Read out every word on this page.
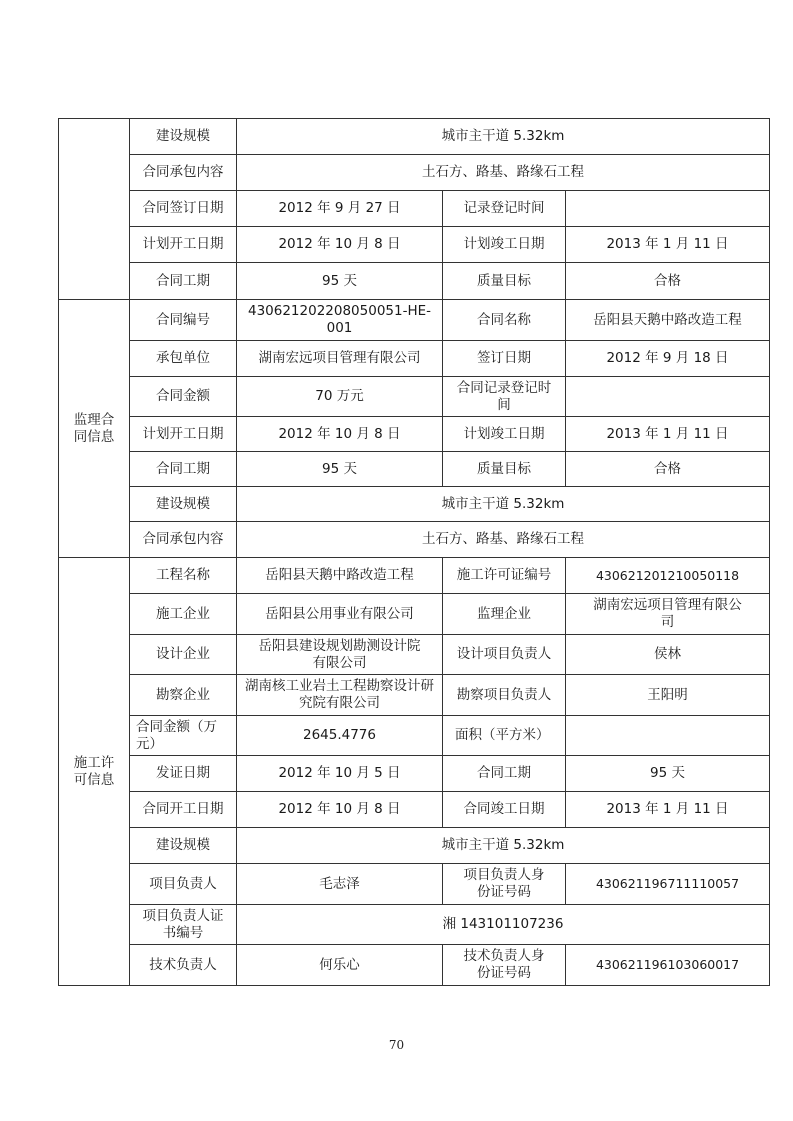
	建设规模	城市主干道 5.32km		
	合同承包内容	土石方、路基、路缘石工程		
	合同签订日期	2012 年 9 月 27 日	记录登记时间	
	计划开工日期	2012 年 10 月 8 日	计划竣工日期	2013 年 1 月 11 日
	合同工期	95 天	质量目标	合格
监理合同信息	合同编号	430621202208050051-HE-001	合同名称	岳阳县天鹅中路改造工程
	承包单位	湖南宏远项目管理有限公司	签订日期	2012 年 9 月 18 日
	合同金额	70 万元	合同记录登记时间	
	计划开工日期	2012 年 10 月 8 日	计划竣工日期	2013 年 1 月 11 日
	合同工期	95 天	质量目标	合格
	建设规模	城市主干道 5.32km		
	合同承包内容	土石方、路基、路缘石工程		
施工许可信息	工程名称	岳阳县天鹅中路改造工程	施工许可证编号	430621201210050118
	施工企业	岳阳县公用事业有限公司	监理企业	湖南宏远项目管理有限公司
	设计企业	岳阳县建设规划勘测设计院有限公司	设计项目负责人	侯林
	勘察企业	湖南核工业岩土工程勘察设计研究院有限公司	勘察项目负责人	王阳明
	合同金额（万元）	2645.4776	面积（平方米）	
	发证日期	2012 年 10 月 5 日	合同工期	95 天
	合同开工日期	2012 年 10 月 8 日	合同竣工日期	2013 年 1 月 11 日
	建设规模	城市主干道 5.32km		
	项目负责人	毛志泽	项目负责人身份证号码	430621196711110057
	项目负责人证书编号	湘 143101107236		
	技术负责人	何乐心	技术负责人身份证号码	430621196103060017
70
